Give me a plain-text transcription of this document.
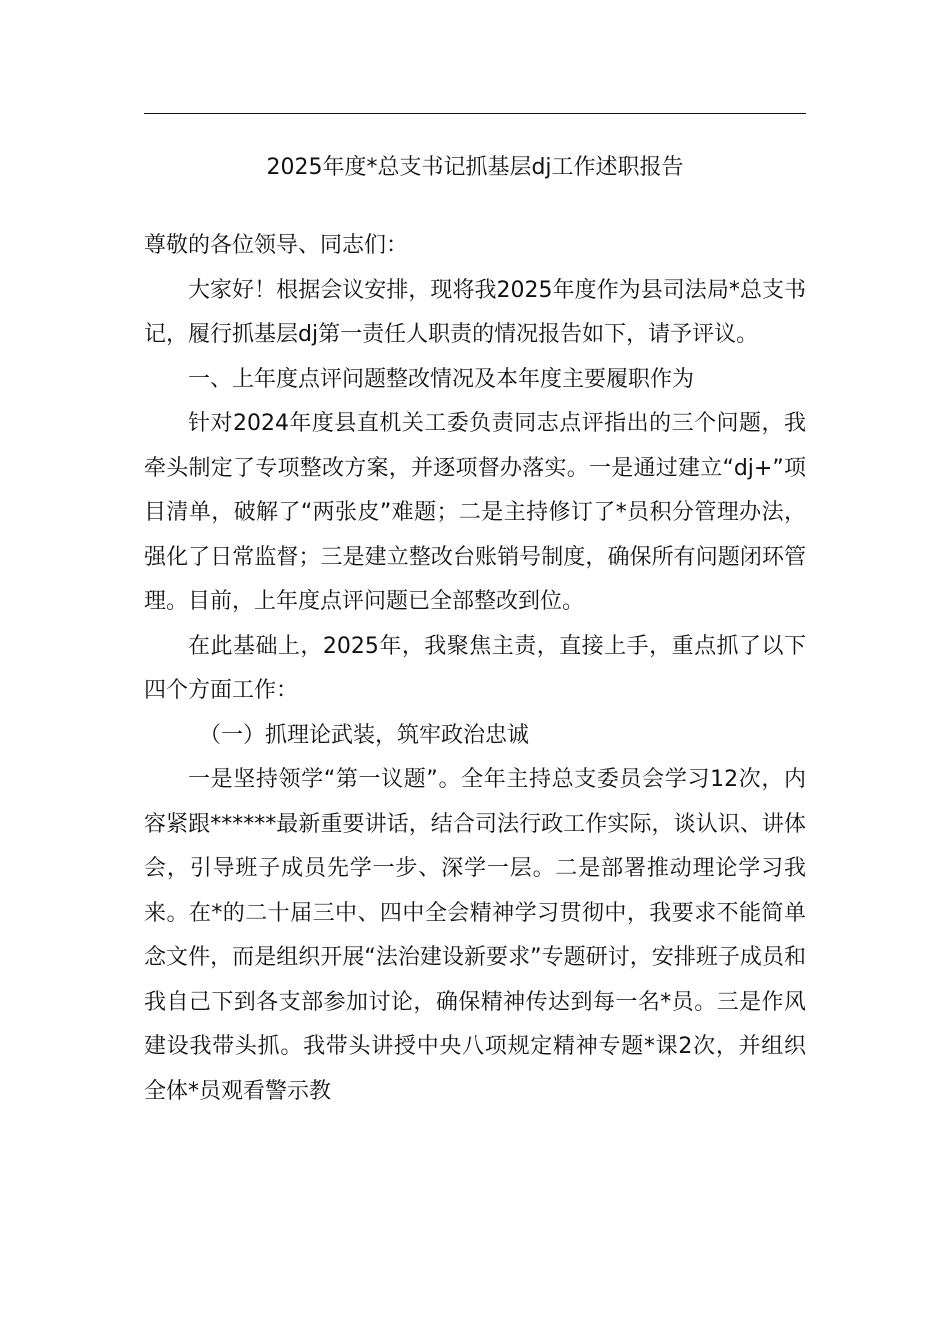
2025年度*总支书记抓基层dj工作述职报告

尊敬的各位领导、同志们：

大家好！根据会议安排，现将我2025年度作为县司法局*总支书记，履行抓基层dj第一责任人职责的情况报告如下，请予评议。

一、上年度点评问题整改情况及本年度主要履职作为

针对2024年度县直机关工委负责同志点评指出的三个问题，我牵头制定了专项整改方案，并逐项督办落实。一是通过建立“dj+”项目清单，破解了“两张皮”难题；二是主持修订了*员积分管理办法，强化了日常监督；三是建立整改台账销号制度，确保所有问题闭环管理。目前，上年度点评问题已全部整改到位。

在此基础上，2025年，我聚焦主责，直接上手，重点抓了以下四个方面工作：

（一）抓理论武装，筑牢政治忠诚

一是坚持领学“第一议题”。全年主持总支委员会学习12次，内容紧跟******最新重要讲话，结合司法行政工作实际，谈认识、讲体会，引导班子成员先学一步、深学一层。二是部署推动理论学习我来。在*的二十届三中、四中全会精神学习贯彻中，我要求不能简单念文件，而是组织开展“法治建设新要求”专题研讨，安排班子成员和我自己下到各支部参加讨论，确保精神传达到每一名*员。三是作风建设我带头抓。我带头讲授中央八项规定精神专题*课2次，并组织全体*员观看警示教
